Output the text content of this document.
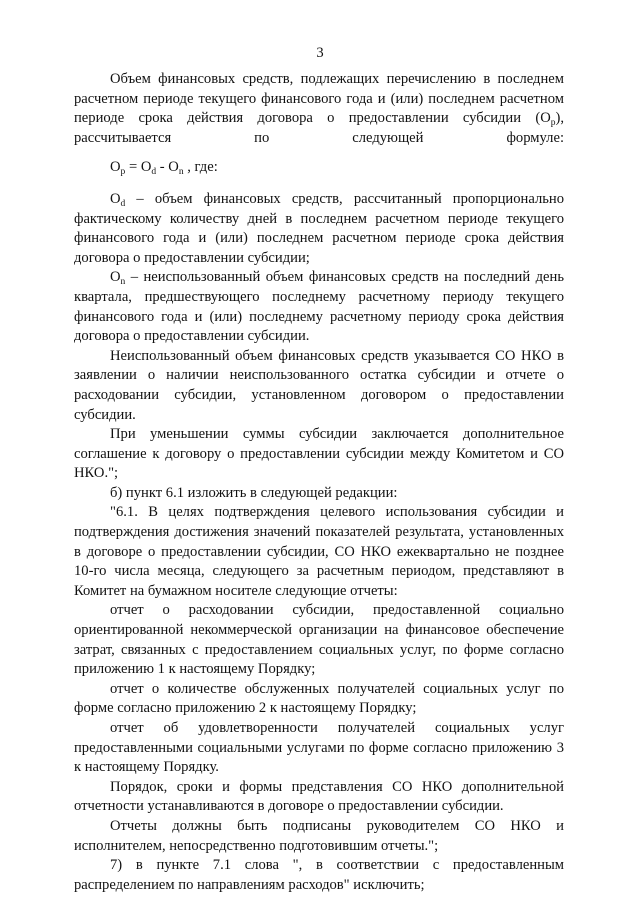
3

Объем финансовых средств, подлежащих перечислению в последнем расчетном периоде текущего финансового года и (или) последнем расчетном периоде срока действия договора о предоставлении субсидии $(O_p)$, рассчитывается по следующей формуле:

$O_p = O_d - O_n$ , где:

$O_d$ – объем финансовых средств, рассчитанный пропорционально фактическому количеству дней в последнем расчетном периоде текущего финансового года и (или) последнем расчетном периоде срока действия договора о предоставлении субсидии;

$O_n$ – неиспользованный объем финансовых средств на последний день квартала, предшествующего последнему расчетному периоду текущего финансового года и (или) последнему расчетному периоду срока действия договора о предоставлении субсидии.

Неиспользованный объем финансовых средств указывается СО НКО в заявлении о наличии неиспользованного остатка субсидии и отчете о расходовании субсидии, установленном договором о предоставлении субсидии.

При уменьшении суммы субсидии заключается дополнительное соглашение к договору о предоставлении субсидии между Комитетом и СО НКО.";

б) пункт 6.1 изложить в следующей редакции:

"6.1. В целях подтверждения целевого использования субсидии и подтверждения достижения значений показателей результата, установленных в договоре о предоставлении субсидии, СО НКО ежеквартально не позднее 10-го числа месяца, следующего за расчетным периодом, представляют в Комитет на бумажном носителе следующие отчеты:

отчет о расходовании субсидии, предоставленной социально ориентированной некоммерческой организации на финансовое обеспечение затрат, связанных с предоставлением социальных услуг, по форме согласно приложению 1 к настоящему Порядку;

отчет о количестве обслуженных получателей социальных услуг по форме согласно приложению 2 к настоящему Порядку;

отчет об удовлетворенности получателей социальных услуг предоставленными социальными услугами по форме согласно приложению 3 к настоящему Порядку.

Порядок, сроки и формы представления СО НКО дополнительной отчетности устанавливаются в договоре о предоставлении субсидии.

Отчеты должны быть подписаны руководителем СО НКО и исполнителем, непосредственно подготовившим отчеты.";

7) в пункте 7.1 слова ", в соответствии с предоставленным распределением по направлениям расходов" исключить;
